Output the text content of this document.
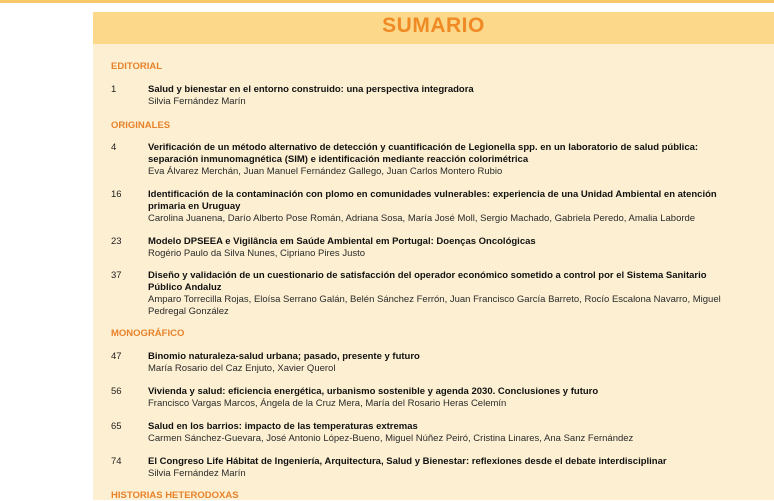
SUMARIO
EDITORIAL
1	Salud y bienestar en el entorno construido: una perspectiva integradora
Silvia Fernández Marín
ORIGINALES
4	Verificación de un método alternativo de detección y cuantificación de Legionella spp. en un laboratorio de salud pública: separación inmunomagnética (SIM) e identificación mediante reacción colorimétrica
Eva Álvarez Merchán, Juan Manuel Fernández Gallego, Juan Carlos Montero Rubio
16	Identificación de la contaminación con plomo en comunidades vulnerables: experiencia de una Unidad Ambiental en atención primaria en Uruguay
Carolina Juanena, Darío Alberto Pose Román, Adriana Sosa, María José Moll, Sergio Machado, Gabriela Peredo, Amalia Laborde
23	Modelo DPSEEA e Vigilância em Saúde Ambiental em Portugal: Doenças Oncológicas
Rogério Paulo da Silva Nunes, Cipriano Pires Justo
37	Diseño y validación de un cuestionario de satisfacción del operador económico sometido a control por el Sistema Sanitario Público Andaluz
Amparo Torrecilla Rojas, Eloísa Serrano Galán, Belén Sánchez Ferrón, Juan Francisco García Barreto, Rocío Escalona Navarro, Miguel Pedregal González
MONOGRÁFICO
47	Binomio naturaleza-salud urbana; pasado, presente y futuro
María Rosario del Caz Enjuto, Xavier Querol
56	Vivienda y salud: eficiencia energética, urbanismo sostenible y agenda 2030. Conclusiones y futuro
Francisco Vargas Marcos, Ángela de la Cruz Mera, María del Rosario Heras Celemín
65	Salud en los barrios: impacto de las temperaturas extremas
Carmen Sánchez-Guevara, José Antonio López-Bueno, Miguel Núñez Peiró, Cristina Linares, Ana Sanz Fernández
74	El Congreso Life Hábitat de Ingeniería, Arquitectura, Salud y Bienestar: reflexiones desde el debate interdisciplinar
Silvia Fernández Marín
HISTORIAS HETERODOXAS
